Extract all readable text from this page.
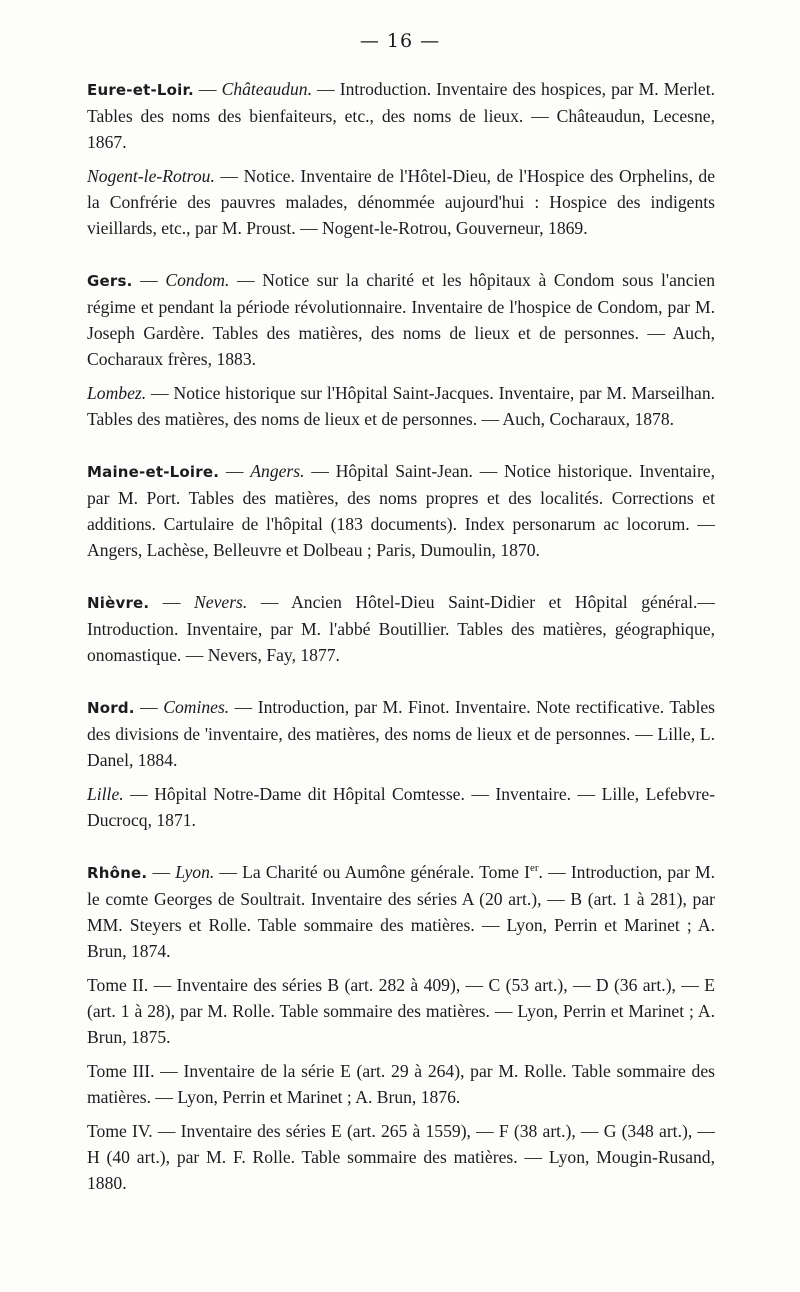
— 16 —

Eure-et-Loir. — Châteaudun. — Introduction. Inventaire des hospices, par M. Merlet. Tables des noms des bienfaiteurs, etc., des noms de lieux. — Châteaudun, Lecesne, 1867.

Nogent-le-Rotrou. — Notice. Inventaire de l'Hôtel-Dieu, de l'Hospice des Orphelins, de la Confrérie des pauvres malades, dénommée aujourd'hui : Hospice des indigents vieillards, etc., par M. Proust. — Nogent-le-Rotrou, Gouverneur, 1869.

Gers. — Condom. — Notice sur la charité et les hôpitaux à Condom sous l'ancien régime et pendant la période révolutionnaire. Inventaire de l'hospice de Condom, par M. Joseph Gardère. Tables des matières, des noms de lieux et de personnes. — Auch, Cocharaux frères, 1883.

Lombez. — Notice historique sur l'Hôpital Saint-Jacques. Inventaire, par M. Marseilhan. Tables des matières, des noms de lieux et de personnes. — Auch, Cocharaux, 1878.

Maine-et-Loire. — Angers. — Hôpital Saint-Jean. — Notice historique. Inventaire, par M. Port. Tables des matières, des noms propres et des localités. Corrections et additions. Cartulaire de l'hôpital (183 documents). Index personarum ac locorum. — Angers, Lachèse, Belleuvre et Dolbeau ; Paris, Dumoulin, 1870.

Nièvre. — Nevers. — Ancien Hôtel-Dieu Saint-Didier et Hôpital général.— Introduction. Inventaire, par M. l'abbé Boutillier. Tables des matières, géographique, onomastique. — Nevers, Fay, 1877.

Nord. — Comines. — Introduction, par M. Finot. Inventaire. Note rectificative. Tables des divisions de 'inventaire, des matières, des noms de lieux et de personnes. — Lille, L. Danel, 1884.

Lille. — Hôpital Notre-Dame dit Hôpital Comtesse. — Inventaire. — Lille, Lefebvre-Ducrocq, 1871.

Rhône. — Lyon. — La Charité ou Aumône générale. Tome Ier. — Introduction, par M. le comte Georges de Soultrait. Inventaire des séries A (20 art.), — B (art. 1 à 281), par MM. Steyers et Rolle. Table sommaire des matières. — Lyon, Perrin et Marinet ; A. Brun, 1874.

Tome II. — Inventaire des séries B (art. 282 à 409), — C (53 art.), — D (36 art.), — E (art. 1 à 28), par M. Rolle. Table sommaire des matières. — Lyon, Perrin et Marinet ; A. Brun, 1875.

Tome III. — Inventaire de la série E (art. 29 à 264), par M. Rolle. Table sommaire des matières. — Lyon, Perrin et Marinet ; A. Brun, 1876.

Tome IV. — Inventaire des séries E (art. 265 à 1559), — F (38 art.), — G (348 art.), — H (40 art.), par M. F. Rolle. Table sommaire des matières. — Lyon, Mougin-Rusand, 1880.
